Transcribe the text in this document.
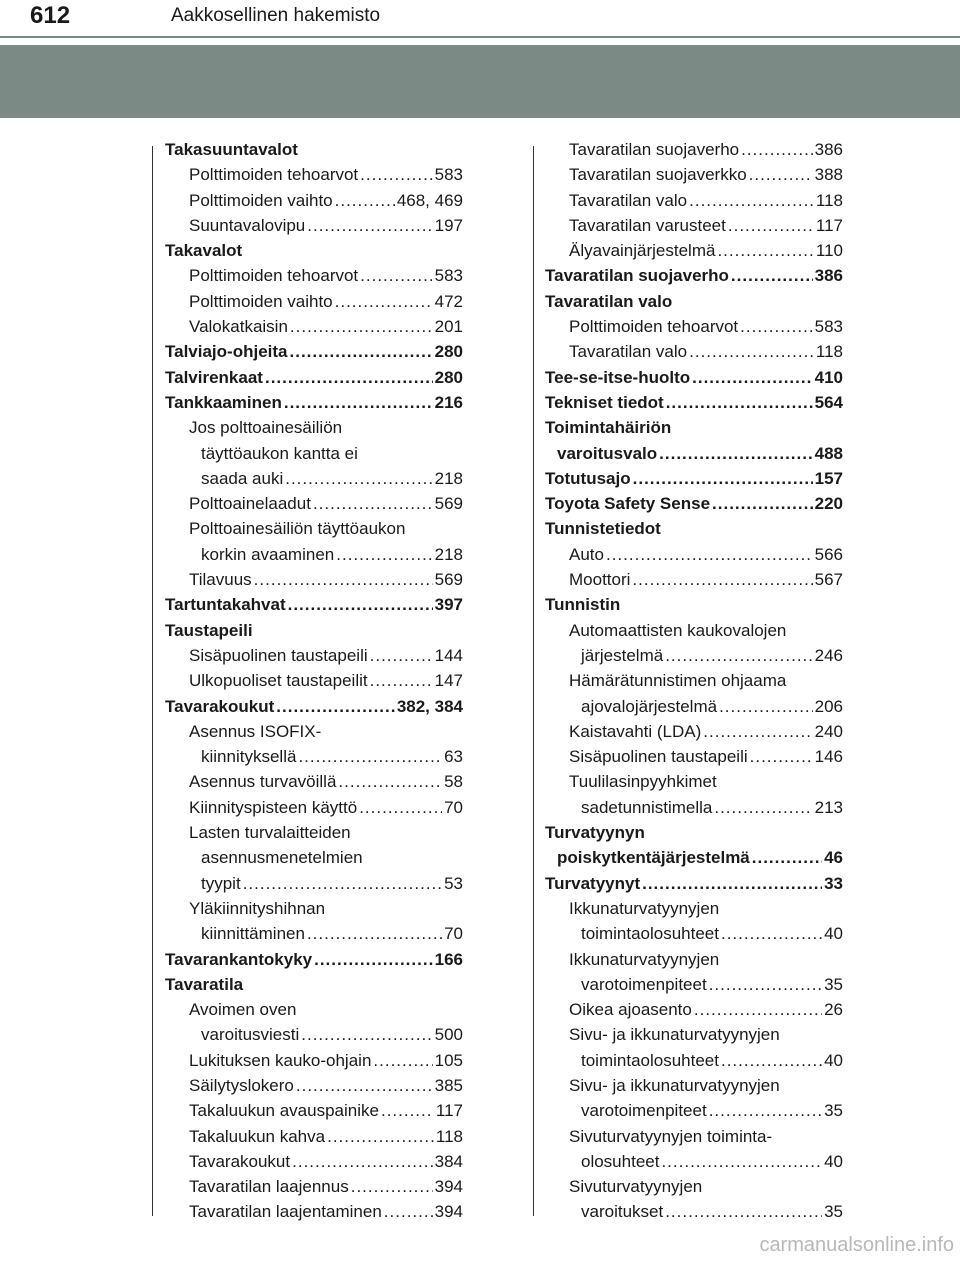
612	Aakkosellinen hakemisto
Takasuuntavalot
Polttimoiden tehoarvot .....	583
Polttimoiden vaihto .....	468, 469
Suuntavalovipu .....	197
Takavalot
Polttimoiden tehoarvot .....	583
Polttimoiden vaihto .....	472
Valokatkaisin .....	201
Talviajo-ohjeita .....	280
Talvirenkaat .....	280
Tankkaaminen .....	216
Jos polttoainesäiliön
täyttöaukon kantta ei
saada auki .....	218
Polttoainelaadut .....	569
Polttoainesäiliön täyttöaukon
korkin avaaminen .....	218
Tilavuus .....	569
Tartuntakahvat .....	397
Taustapeili
Sisäpuolinen taustapeili .....	144
Ulkopuoliset taustapeilit .....	147
Tavarakoukut .....	382, 384
Asennus ISOFIX-
kiinnityksellä .....	63
Asennus turvavöillä .....	58
Kiinnityspisteen käyttö .....	70
Lasten turvalaitteiden
asennusmenetelmien
tyypit .....	53
Yläkiinnityshihnan
kiinnittäminen .....	70
Tavarankantokyky .....	166
Tavaratila
Avoimen oven
varoitusviesti .....	500
Lukituksen kauko-ohjain .....	105
Säilytyslokero .....	385
Takaluukun avauspainike .....	117
Takaluukun kahva .....	118
Tavarakoukut .....	384
Tavaratilan laajennus .....	394
Tavaratilan laajentaminen .....	394
Tavaratilan suojaverho .....	386
Tavaratilan suojaverkko .....	388
Tavaratilan valo .....	118
Tavaratilan varusteet .....	117
Älyavainjärjestelmä .....	110
Tavaratilan suojaverho .....	386
Tavaratilan valo
Polttimoiden tehoarvot .....	583
Tavaratilan valo .....	118
Tee-se-itse-huolto .....	410
Tekniset tiedot .....	564
Toimintahäiriön
varoitusvalo .....	488
Totutusajo .....	157
Toyota Safety Sense .....	220
Tunnistetiedot
Auto .....	566
Moottori .....	567
Tunnistin
Automaattisten kaukovalojen
järjestelmä .....	246
Hämärätunnistimen ohjaama
ajovalojärjestelmä .....	206
Kaistavahti (LDA) .....	240
Sisäpuolinen taustapeili .....	146
Tuulilasinpyyhkimet
sadetunnistimella .....	213
Turvatyynyn
poiskytkentäjärjestelmä .....	46
Turvatyynyt .....	33
Ikkunaturvatyynyjen
toimintaolosuhteet .....	40
Ikkunaturvatyynyjen
varotoimenpiteet .....	35
Oikea ajoasento .....	26
Sivu- ja ikkunaturvatyynyjen
toimintaolosuhteet .....	40
Sivu- ja ikkunaturvatyynyjen
varotoimenpiteet .....	35
Sivuturvatyynyjen toiminta-
olosuhteet .....	40
Sivuturvatyynyjen
varoitukset .....	35
carmanualsonline.info
